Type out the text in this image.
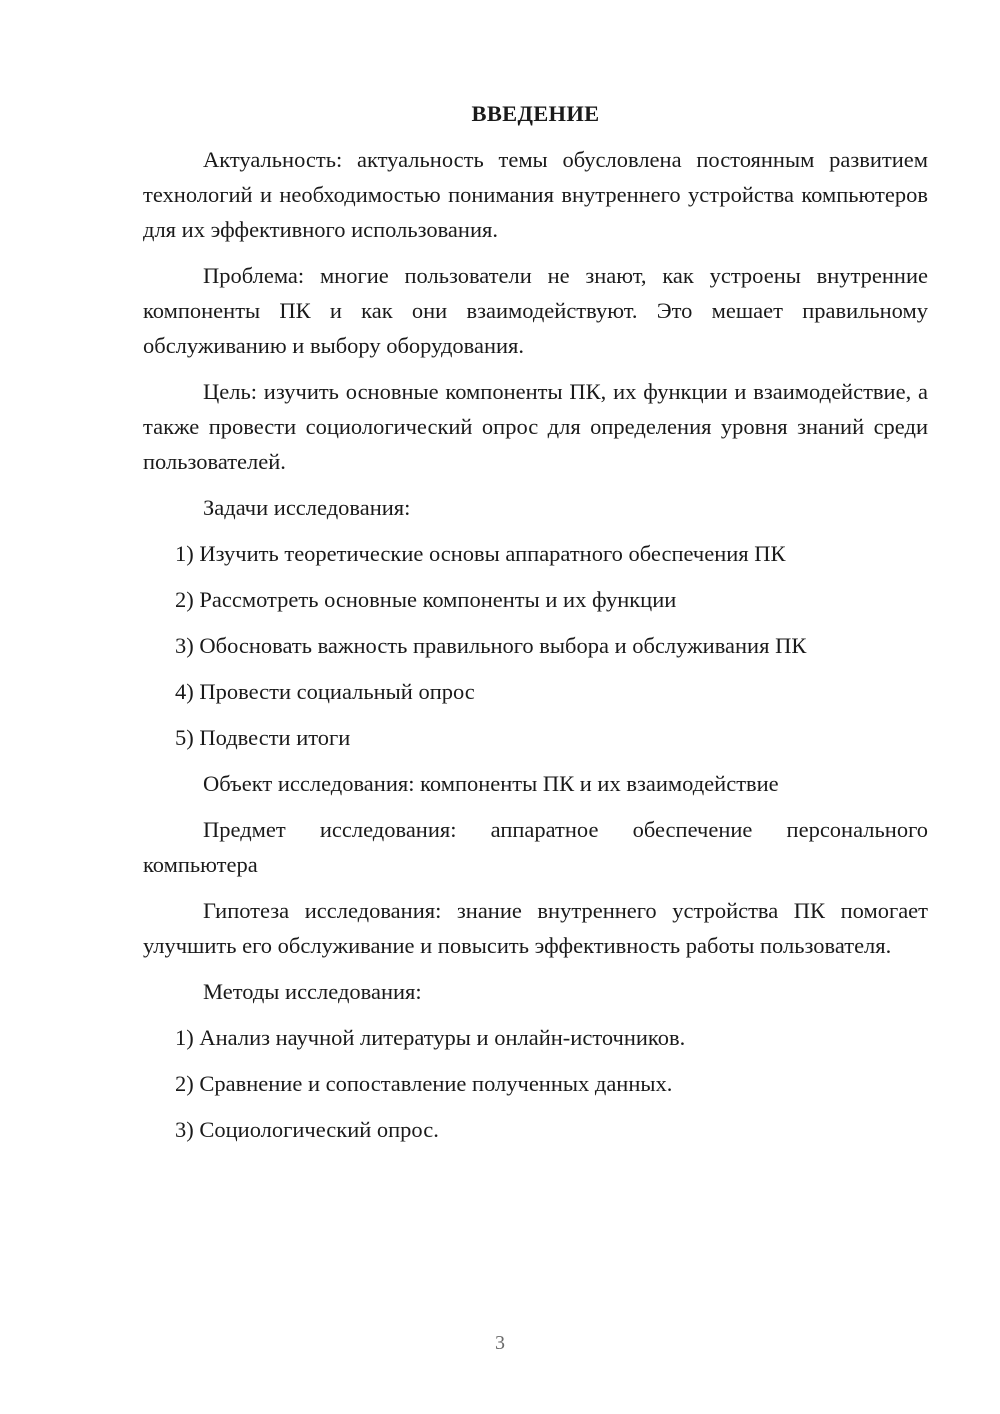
ВВЕДЕНИЕ
Актуальность: актуальность темы обусловлена постоянным развитием технологий и необходимостью понимания внутреннего устройства компьютеров для их эффективного использования.
Проблема: многие пользователи не знают, как устроены внутренние компоненты ПК и как они взаимодействуют. Это мешает правильному обслуживанию и выбору оборудования.
Цель: изучить основные компоненты ПК, их функции и взаимодействие, а также провести социологический опрос для определения уровня знаний среди пользователей.
Задачи исследования:
1) Изучить теоретические основы аппаратного обеспечения ПК
2) Рассмотреть основные компоненты и их функции
3) Обосновать важность правильного выбора и обслуживания ПК
4) Провести социальный опрос
5) Подвести итоги
Объект исследования: компоненты ПК и их взаимодействие
Предмет исследования: аппаратное обеспечение персонального компьютера
Гипотеза исследования: знание внутреннего устройства ПК помогает улучшить его обслуживание и повысить эффективность работы пользователя.
Методы исследования:
1) Анализ научной литературы и онлайн-источников.
2) Сравнение и сопоставление полученных данных.
3) Социологический опрос.
3
